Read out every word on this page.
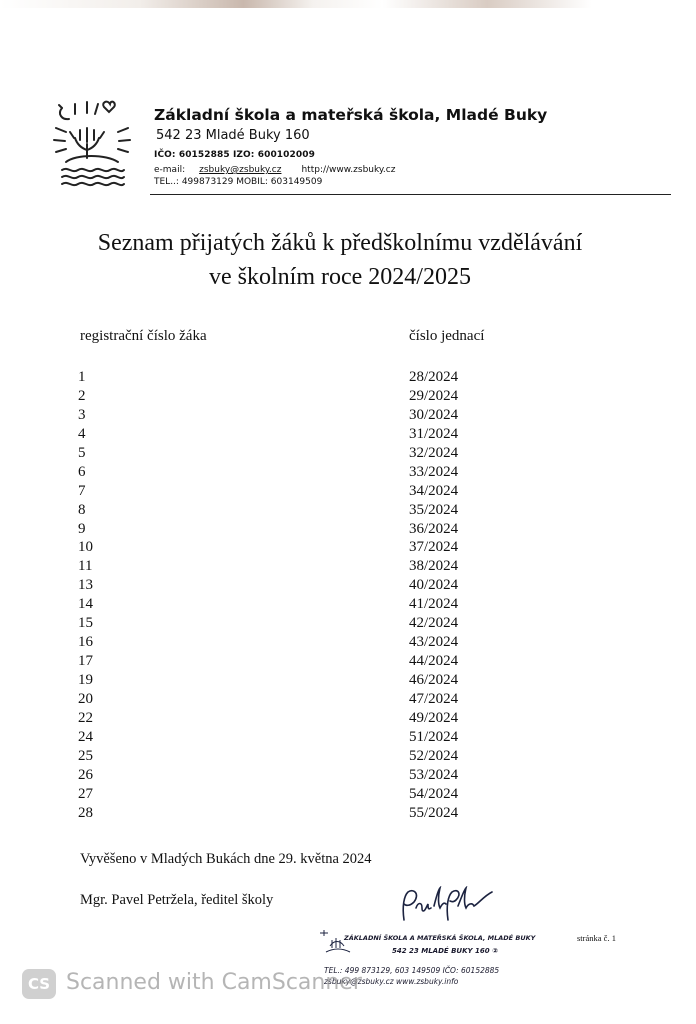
Základní škola a mateřská škola, Mladé Buky
542 23 Mladé Buky 160
IČO: 60152885 IZO: 600102009
e-mail: zsbuky@zsbuky.cz http://www.zsbuky.cz
TEL..: 499873129 MOBIL: 603149509
Seznam přijatých žáků k předškolnímu vzdělávání
ve školním roce 2024/2025
registrační číslo žáka	číslo jednací
1	28/2024
2	29/2024
3	30/2024
4	31/2024
5	32/2024
6	33/2024
7	34/2024
8	35/2024
9	36/2024
10	37/2024
11	38/2024
13	40/2024
14	41/2024
15	42/2024
16	43/2024
17	44/2024
19	46/2024
20	47/2024
22	49/2024
24	51/2024
25	52/2024
26	53/2024
27	54/2024
28	55/2024
Vyvěšeno v Mladých Bukách dne 29. května 2024
Mgr. Pavel Petržela, ředitel školy
ZÁKLADNÍ ŠKOLA A MATEŘSKÁ ŠKOLA, MLADÉ BUKY
542 23 MLADÉ BUKY 160 ②
TEL.: 499 873129, 603 149509 IČO: 60152885
zsbuky@zsbuky.cz www.zsbuky.info
stránka č. 1
CS Scanned with CamScanner
